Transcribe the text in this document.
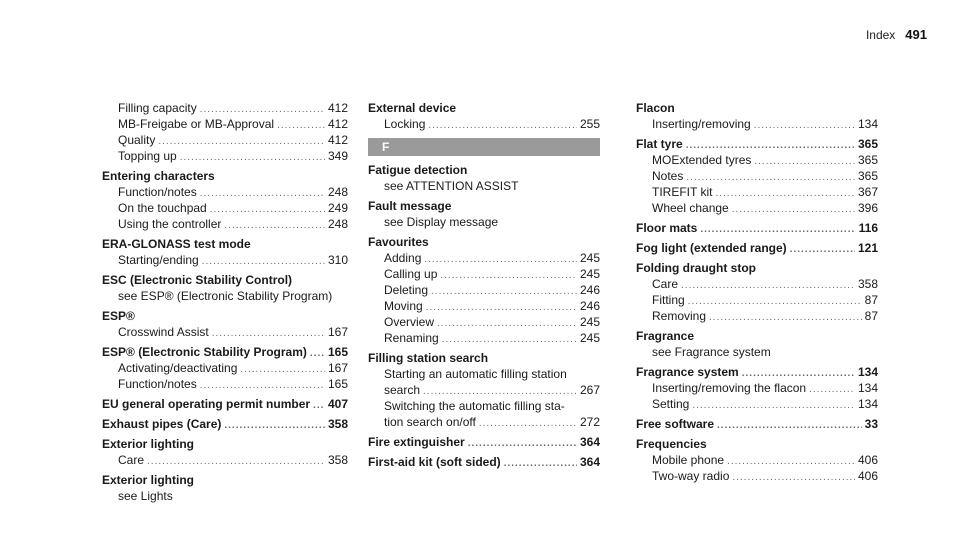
Index 491
Filling capacity .....	412
MB-Freigabe or MB-Approval .....	412
Quality .....	412
Topping up .....	349
Entering characters
Function/notes .....	248
On the touchpad .....	249
Using the controller .....	248
ERA-GLONASS test mode
Starting/ending .....	310
ESC (Electronic Stability Control)
see ESP® (Electronic Stability Program)
ESP®
Crosswind Assist .....	167
ESP® (Electronic Stability Program) ..... 165
Activating/deactivating .....	167
Function/notes .....	165
EU general operating permit number ..... 407
Exhaust pipes (Care) .....	358
Exterior lighting
Care .....	358
Exterior lighting
see Lights
External device
Locking .....	255
F
Fatigue detection
see ATTENTION ASSIST
Fault message
see Display message
Favourites
Adding .....	245
Calling up .....	245
Deleting .....	246
Moving .....	246
Overview .....	245
Renaming .....	245
Filling station search
Starting an automatic filling station
search .....	267
Switching the automatic filling sta-
tion search on/off .....	272
Fire extinguisher .....	364
First-aid kit (soft sided) .....	364
Flacon
Inserting/removing .....	134
Flat tyre .....	365
MOExtended tyres .....	365
Notes .....	365
TIREFIT kit .....	367
Wheel change .....	396
Floor mats .....	116
Fog light (extended range) .....	121
Folding draught stop
Care .....	358
Fitting .....	87
Removing .....	87
Fragrance
see Fragrance system
Fragrance system .....	134
Inserting/removing the flacon .....	134
Setting .....	134
Free software .....	33
Frequencies
Mobile phone .....	406
Two-way radio .....	406
